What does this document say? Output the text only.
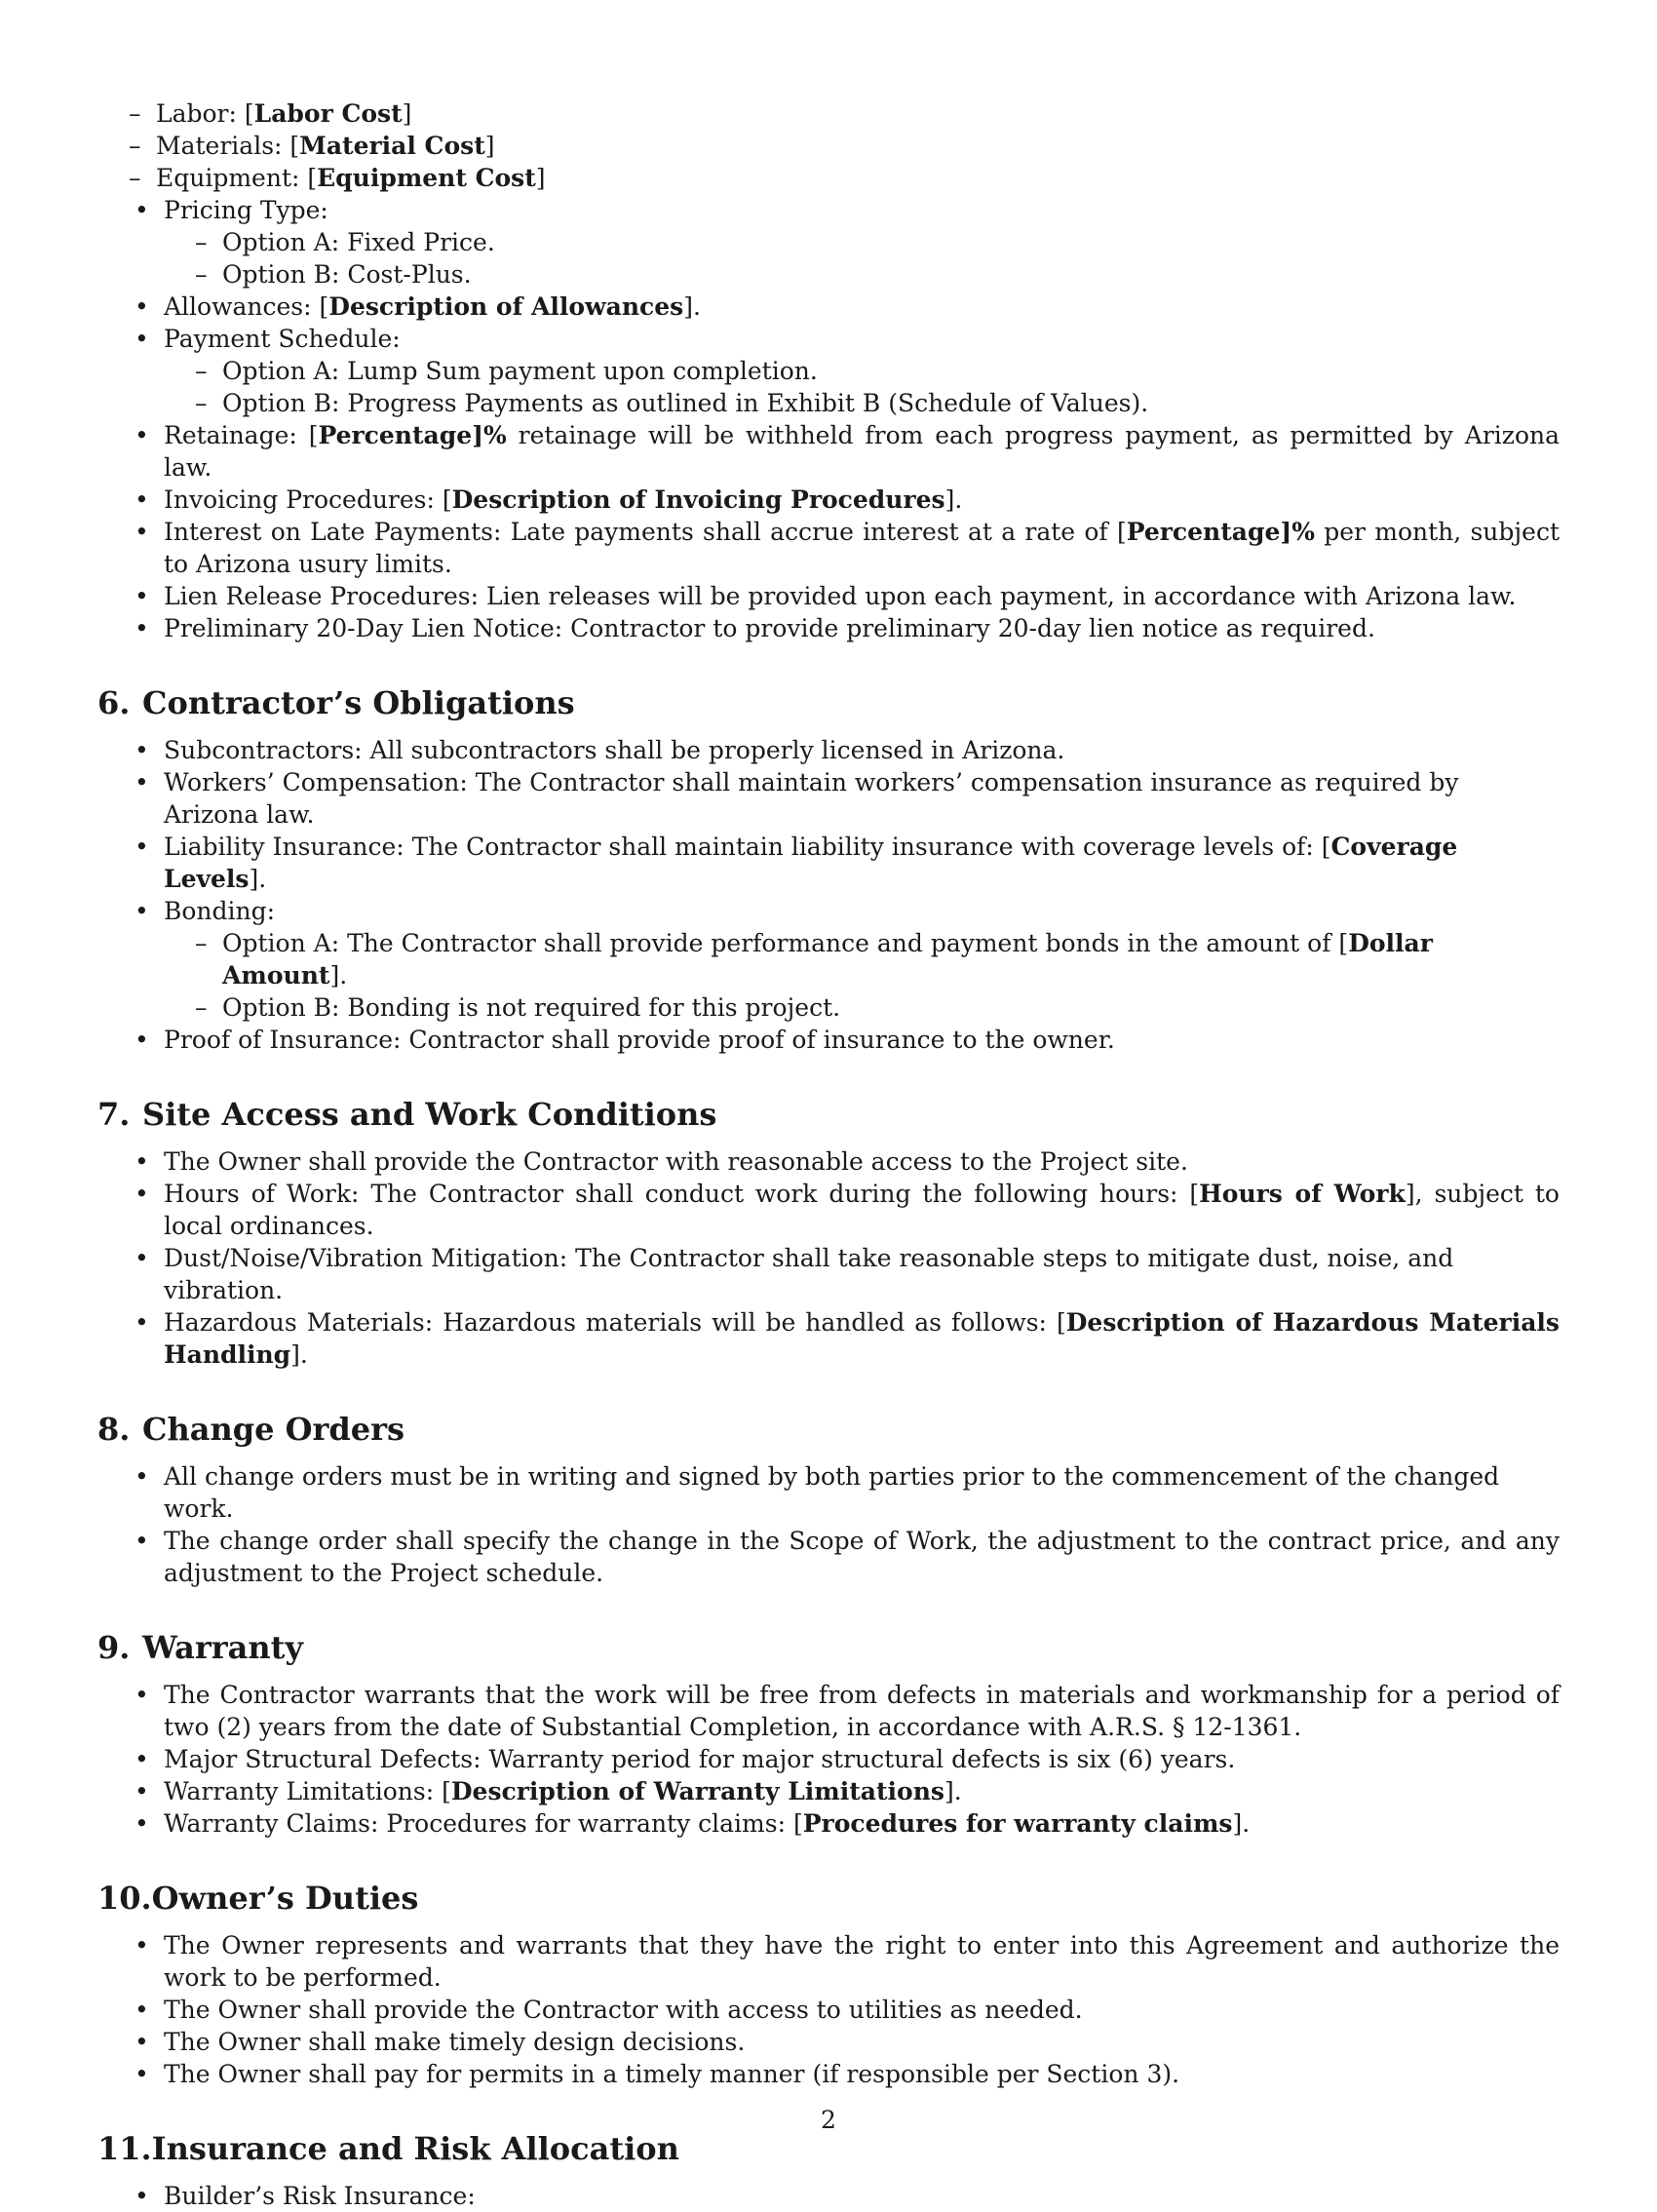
– Labor: [Labor Cost]
– Materials: [Material Cost]
– Equipment: [Equipment Cost]
• Pricing Type:
– Option A: Fixed Price.
– Option B: Cost-Plus.
• Allowances: [Description of Allowances].
• Payment Schedule:
– Option A: Lump Sum payment upon completion.
– Option B: Progress Payments as outlined in Exhibit B (Schedule of Values).
• Retainage: [Percentage]% retainage will be withheld from each progress payment, as permitted by Arizona law.
• Invoicing Procedures: [Description of Invoicing Procedures].
• Interest on Late Payments: Late payments shall accrue interest at a rate of [Percentage]% per month, subject to Arizona usury limits.
• Lien Release Procedures: Lien releases will be provided upon each payment, in accordance with Arizona law.
• Preliminary 20-Day Lien Notice: Contractor to provide preliminary 20-day lien notice as required.
6. Contractor’s Obligations
• Subcontractors: All subcontractors shall be properly licensed in Arizona.
• Workers’ Compensation: The Contractor shall maintain workers’ compensation insurance as required by Arizona law.
• Liability Insurance: The Contractor shall maintain liability insurance with coverage levels of: [Coverage Levels].
• Bonding:
– Option A: The Contractor shall provide performance and payment bonds in the amount of [Dollar Amount].
– Option B: Bonding is not required for this project.
• Proof of Insurance: Contractor shall provide proof of insurance to the owner.
7. Site Access and Work Conditions
• The Owner shall provide the Contractor with reasonable access to the Project site.
• Hours of Work: The Contractor shall conduct work during the following hours: [Hours of Work], subject to local ordinances.
• Dust/Noise/Vibration Mitigation: The Contractor shall take reasonable steps to mitigate dust, noise, and vibration.
• Hazardous Materials: Hazardous materials will be handled as follows: [Description of Hazardous Materials Handling].
8. Change Orders
• All change orders must be in writing and signed by both parties prior to the commencement of the changed work.
• The change order shall specify the change in the Scope of Work, the adjustment to the contract price, and any adjustment to the Project schedule.
9. Warranty
• The Contractor warrants that the work will be free from defects in materials and workmanship for a period of two (2) years from the date of Substantial Completion, in accordance with A.R.S. § 12-1361.
• Major Structural Defects: Warranty period for major structural defects is six (6) years.
• Warranty Limitations: [Description of Warranty Limitations].
• Warranty Claims: Procedures for warranty claims: [Procedures for warranty claims].
10.Owner’s Duties
• The Owner represents and warrants that they have the right to enter into this Agreement and authorize the work to be performed.
• The Owner shall provide the Contractor with access to utilities as needed.
• The Owner shall make timely design decisions.
• The Owner shall pay for permits in a timely manner (if responsible per Section 3).
11.Insurance and Risk Allocation
• Builder’s Risk Insurance:
2
